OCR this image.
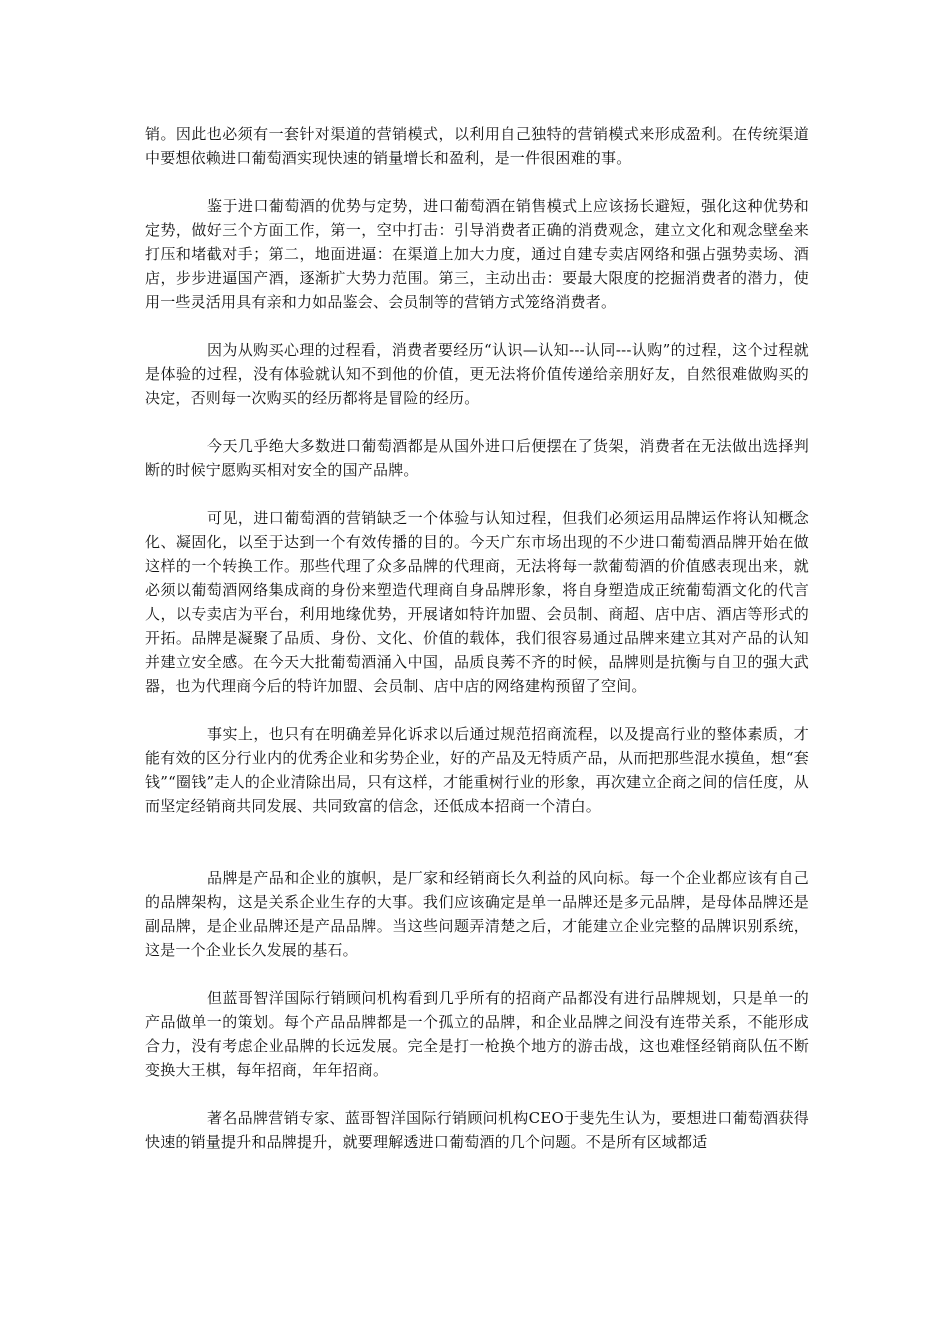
销。因此也必须有一套针对渠道的营销模式，以利用自己独特的营销模式来形成盈利。在传统渠道中要想依赖进口葡萄酒实现快速的销量增长和盈利，是一件很困难的事。

鉴于进口葡萄酒的优势与定势，进口葡萄酒在销售模式上应该扬长避短，强化这种优势和定势，做好三个方面工作，第一，空中打击：引导消费者正确的消费观念，建立文化和观念壁垒来打压和堵截对手；第二，地面进逼：在渠道上加大力度，通过自建专卖店网络和强占强势卖场、酒店，步步进逼国产酒，逐渐扩大势力范围。第三，主动出击：要最大限度的挖掘消费者的潜力，使用一些灵活用具有亲和力如品鉴会、会员制等的营销方式笼络消费者。

因为从购买心理的过程看，消费者要经历“认识—认知---认同---认购”的过程，这个过程就是体验的过程，没有体验就认知不到他的价值，更无法将价值传递给亲朋好友，自然很难做购买的决定，否则每一次购买的经历都将是冒险的经历。

今天几乎绝大多数进口葡萄酒都是从国外进口后便摆在了货架，消费者在无法做出选择判断的时候宁愿购买相对安全的国产品牌。

可见，进口葡萄酒的营销缺乏一个体验与认知过程，但我们必须运用品牌运作将认知概念化、凝固化，以至于达到一个有效传播的目的。今天广东市场出现的不少进口葡萄酒品牌开始在做这样的一个转换工作。那些代理了众多品牌的代理商，无法将每一款葡萄酒的价值感表现出来，就必须以葡萄酒网络集成商的身份来塑造代理商自身品牌形象，将自身塑造成正统葡萄酒文化的代言人，以专卖店为平台，利用地缘优势，开展诸如特许加盟、会员制、商超、店中店、酒店等形式的开拓。品牌是凝聚了品质、身份、文化、价值的载体，我们很容易通过品牌来建立其对产品的认知并建立安全感。在今天大批葡萄酒涌入中国，品质良莠不齐的时候，品牌则是抗衡与自卫的强大武器，也为代理商今后的特许加盟、会员制、店中店的网络建构预留了空间。

事实上，也只有在明确差异化诉求以后通过规范招商流程，以及提高行业的整体素质，才能有效的区分行业内的优秀企业和劣势企业，好的产品及无特质产品，从而把那些混水摸鱼，想“套钱”“圈钱”走人的企业清除出局，只有这样，才能重树行业的形象，再次建立企商之间的信任度，从而坚定经销商共同发展、共同致富的信念，还低成本招商一个清白。

品牌是产品和企业的旗帜，是厂家和经销商长久利益的风向标。每一个企业都应该有自己的品牌架构，这是关系企业生存的大事。我们应该确定是单一品牌还是多元品牌，是母体品牌还是副品牌，是企业品牌还是产品品牌。当这些问题弄清楚之后，才能建立企业完整的品牌识别系统，这是一个企业长久发展的基石。

但蓝哥智洋国际行销顾问机构看到几乎所有的招商产品都没有进行品牌规划，只是单一的产品做单一的策划。每个产品品牌都是一个孤立的品牌，和企业品牌之间没有连带关系，不能形成合力，没有考虑企业品牌的长远发展。完全是打一枪换个地方的游击战，这也难怪经销商队伍不断变换大王棋，每年招商，年年招商。

著名品牌营销专家、蓝哥智洋国际行销顾问机构CEO于斐先生认为，要想进口葡萄酒获得快速的销量提升和品牌提升，就要理解透进口葡萄酒的几个问题。不是所有区域都适
